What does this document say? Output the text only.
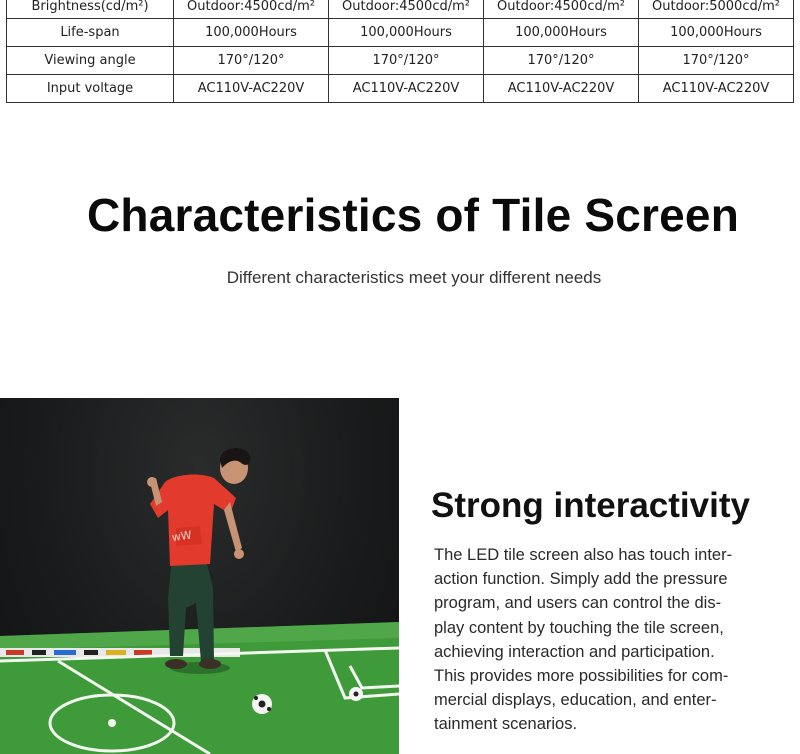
Brightness(cd/m²)	Outdoor:4500cd/m²	Outdoor:4500cd/m²	Outdoor:4500cd/m²	Outdoor:5000cd/m²
Life-span	100,000Hours	100,000Hours	100,000Hours	100,000Hours
Viewing angle	170°/120°	170°/120°	170°/120°	170°/120°
Input voltage	AC110V-AC220V	AC110V-AC220V	AC110V-AC220V	AC110V-AC220V
Characteristics of Tile Screen

Different characteristics meet your different needs

wW
Strong interactivity

The LED tile screen also has touch inter-
action function. Simply add the pressure
program, and users can control the dis-
play content by touching the tile screen,
achieving interaction and participation.
This provides more possibilities for com-
mercial displays, education, and enter-
tainment scenarios.
